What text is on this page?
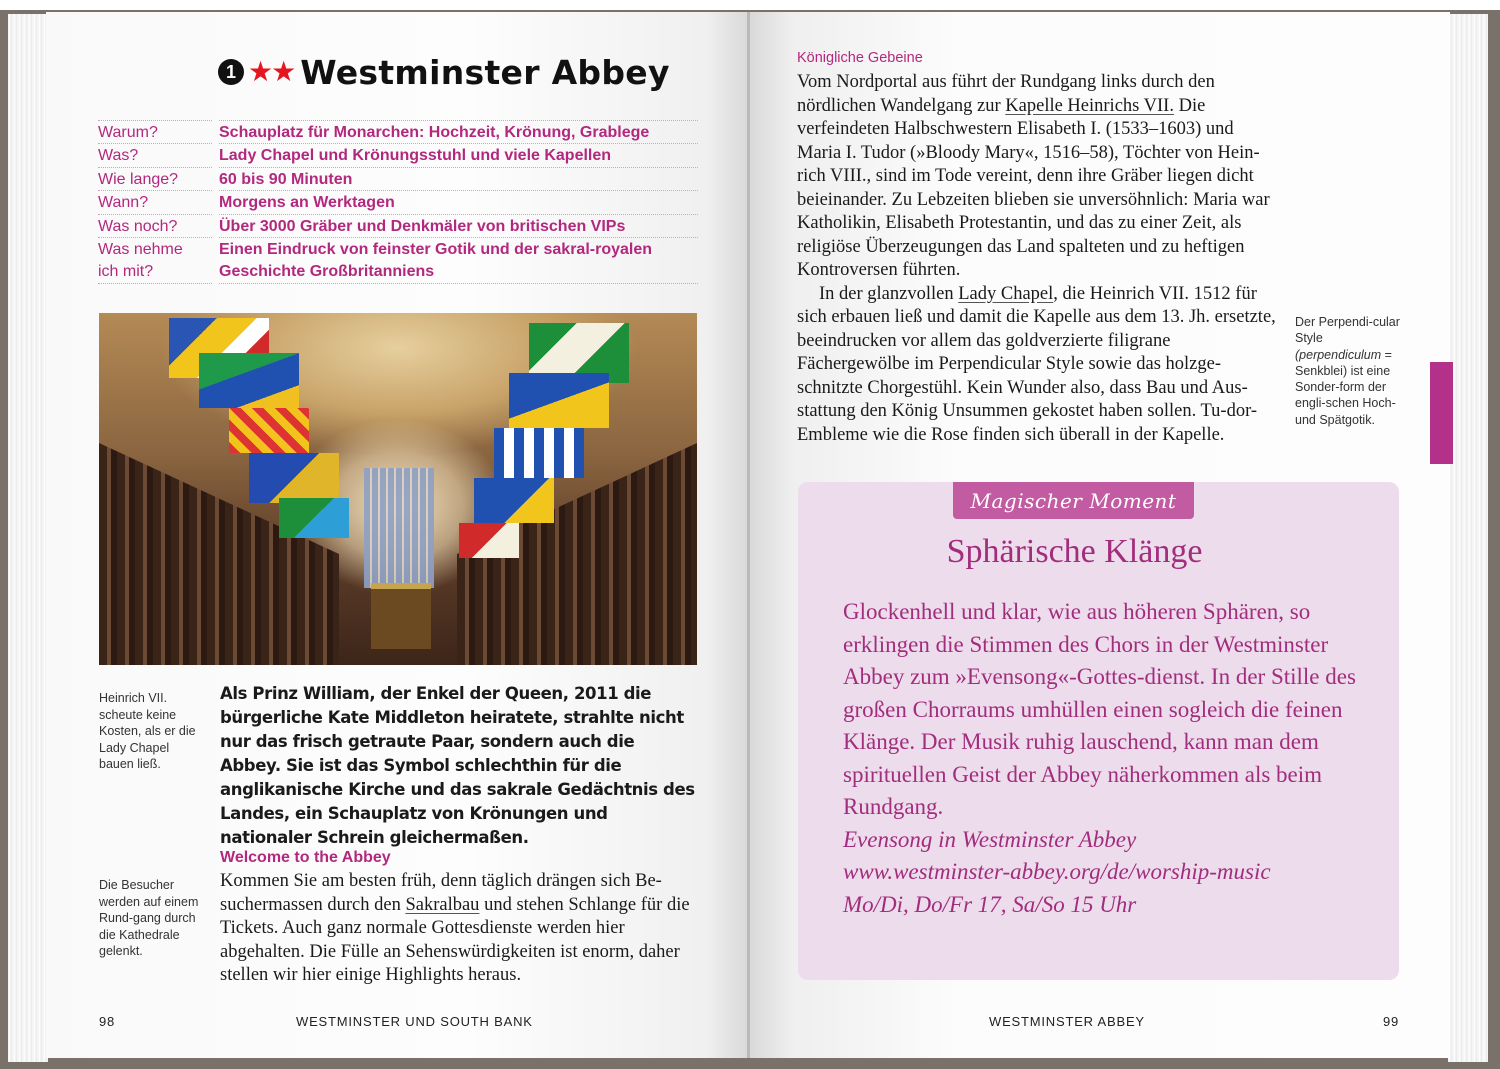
1 ★★ Westminster Abbey
Warum?	Schauplatz für Monarchen: Hochzeit, Krönung, Grablege
Was?	Lady Chapel und Krönungsstuhl und viele Kapellen
Wie lange?	60 bis 90 Minuten
Wann?	Morgens an Werktagen
Was noch?	Über 3000 Gräber und Denkmäler von britischen VIPs
Was nehme	Einen Eindruck von feinster Gotik und der sakral-royalen
ich mit?	Geschichte Großbritanniens
Heinrich VII. scheute keine Kosten, als er die Lady Chapel bauen ließ.
Als Prinz William, der Enkel der Queen, 2011 die bürgerliche Kate Middleton heiratete, strahlte nicht nur das frisch getraute Paar, sondern auch die Abbey. Sie ist das Symbol schlechthin für die anglikanische Kirche und das sakrale Gedächtnis des Landes, ein Schauplatz von Krönungen und nationaler Schrein gleichermaßen.
Welcome to the Abbey
Die Besucher werden auf einem Rund-gang durch die Kathedrale gelenkt.
Kommen Sie am besten früh, denn täglich drängen sich Be-suchermassen durch den Sakralbau und stehen Schlange für die Tickets. Auch ganz normale Gottesdienste werden hier abgehalten. Die Fülle an Sehenswürdigkeiten ist enorm, daher stellen wir hier einige Highlights heraus.
98	WESTMINSTER UND SOUTH BANK
Königliche Gebeine

Vom Nordportal aus führt der Rundgang links durch den nördlichen Wandelgang zur Kapelle Heinrichs VII. Die verfeindeten Halbschwestern Elisabeth I. (1533–1603) und Maria I. Tudor (»Bloody Mary«, 1516–58), Töchter von Hein-rich VIII., sind im Tode vereint, denn ihre Gräber liegen dicht beieinander. Zu Lebzeiten blieben sie unversöhnlich: Maria war Katholikin, Elisabeth Protestantin, und das zu einer Zeit, als religiöse Überzeugungen das Land spalteten und zu heftigen Kontroversen führten.

In der glanzvollen Lady Chapel, die Heinrich VII. 1512 für sich erbauen ließ und damit die Kapelle aus dem 13. Jh. ersetzte, beeindrucken vor allem das goldverzierte filigrane Fächergewölbe im Perpendicular Style sowie das holzge-schnitzte Chorgestühl. Kein Wunder also, dass Bau und Aus-stattung den König Unsummen gekostet haben sollen. Tu-dor-Embleme wie die Rose finden sich überall in der Kapelle.

Der Perpendi-cular Style (perpendiculum = Senkblei) ist eine Sonder-form der engli-schen Hoch- und Spätgotik.
Magischer Moment
Sphärische Klänge
Glockenhell und klar, wie aus höheren Sphären, so erklingen die Stimmen des Chors in der Westminster Abbey zum »Evensong«-Gottes-dienst. In der Stille des großen Chorraums umhüllen einen sogleich die feinen Klänge. Der Musik ruhig lauschend, kann man dem spirituellen Geist der Abbey näherkommen als beim Rundgang.
Evensong in Westminster Abbey
www.westminster-abbey.org/de/worship-music
Mo/Di, Do/Fr 17, Sa/So 15 Uhr
WESTMINSTER ABBEY	99
